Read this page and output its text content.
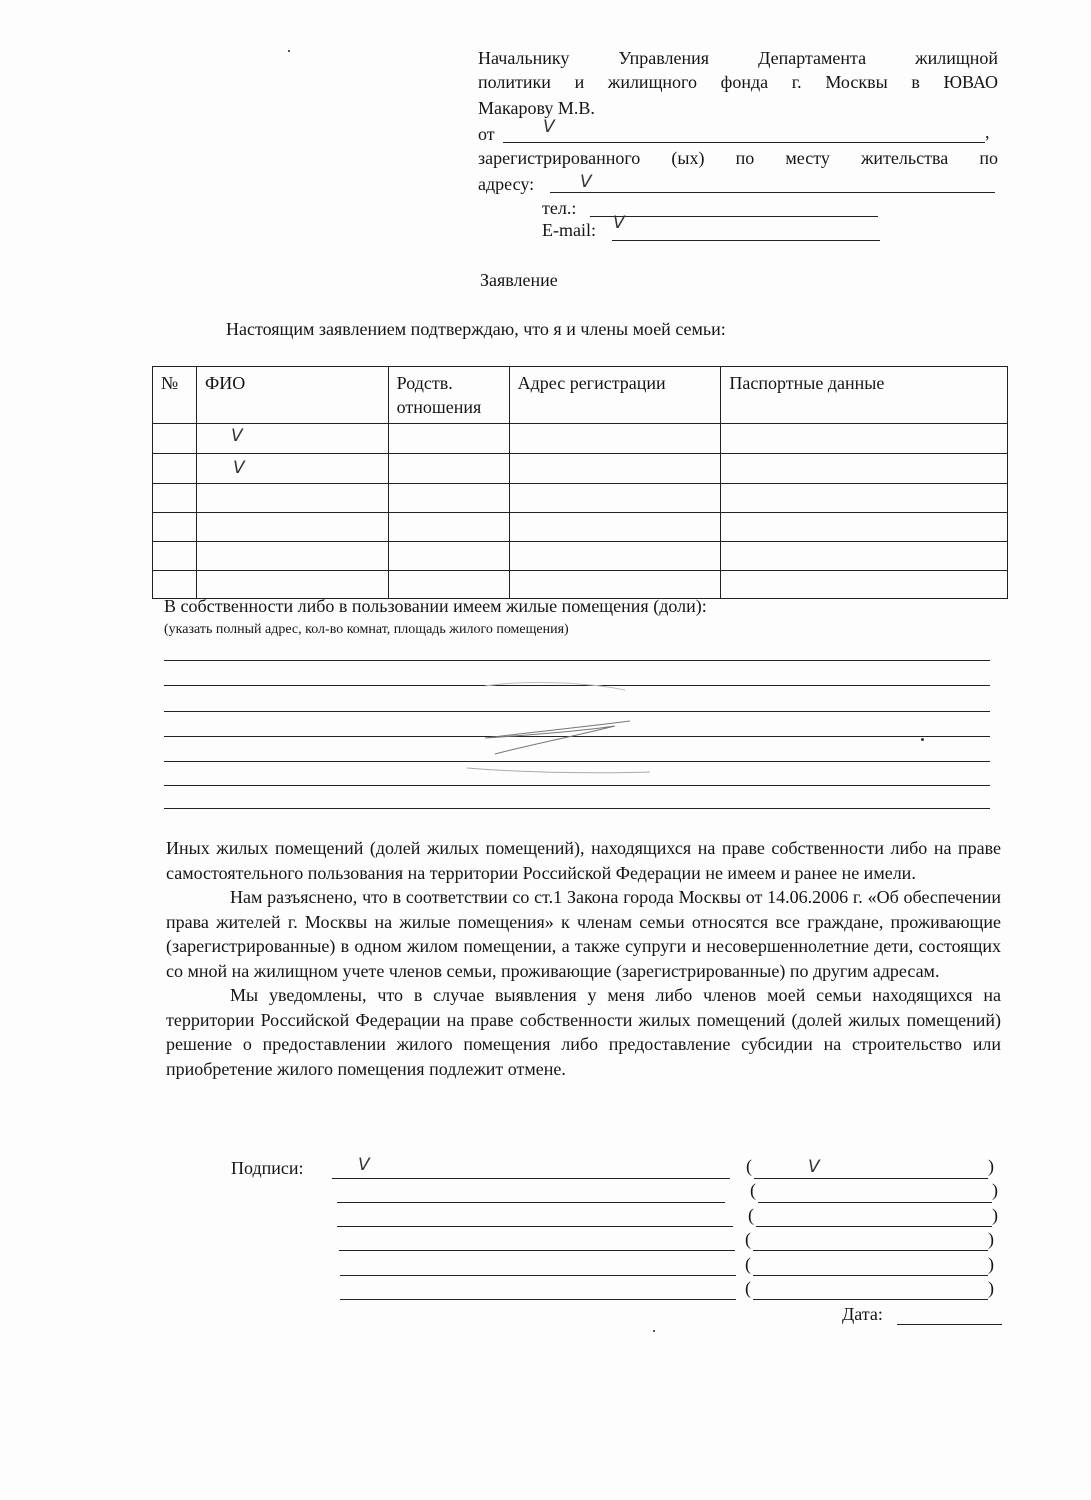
Начальнику Управления Департамента жилищной
политики и жилищного фонда г. Москвы в ЮВАО
Макарову М.В.
от	,
V
зарегистрированного (ых) по месту жительства по
адресу:	V
тел.:
E-mail: V
Заявление
Настоящим заявлением подтверждаю, что я и члены моей семьи:
№	ФИО	Родств. отношения	Адрес регистрации	Паспортные данные

	V			

	V			

В собственности либо в пользовании имеем жилые помещения (доли):
(указать полный адрес, кол-во комнат, площадь жилого помещения)

Иных жилых помещений (долей жилых помещений), находящихся на праве собственности либо на праве самостоятельного пользования на территории Российской Федерации не имеем и ранее не имели.

Нам разъяснено, что в соответствии со ст.1 Закона города Москвы от 14.06.2006 г. «Об обеспечении права жителей г. Москвы на жилые помещения» к членам семьи относятся все граждане, проживающие (зарегистрированные) в одном жилом помещении, а также супруги и несовершеннолетние дети, состоящих со мной на жилищном учете членов семьи, проживающие (зарегистрированные) по другим адресам.

Мы уведомлены, что в случае выявления у меня либо членов моей семьи находящихся на территории Российской Федерации на праве собственности жилых помещений (долей жилых помещений) решение о предоставлении жилого помещения либо предоставление субсидии на строительство или приобретение жилого помещения подлежит отмене.

Подписи:	V	(	)
V
(	)
(	)
(	)
(	)
(	)
Дата:
